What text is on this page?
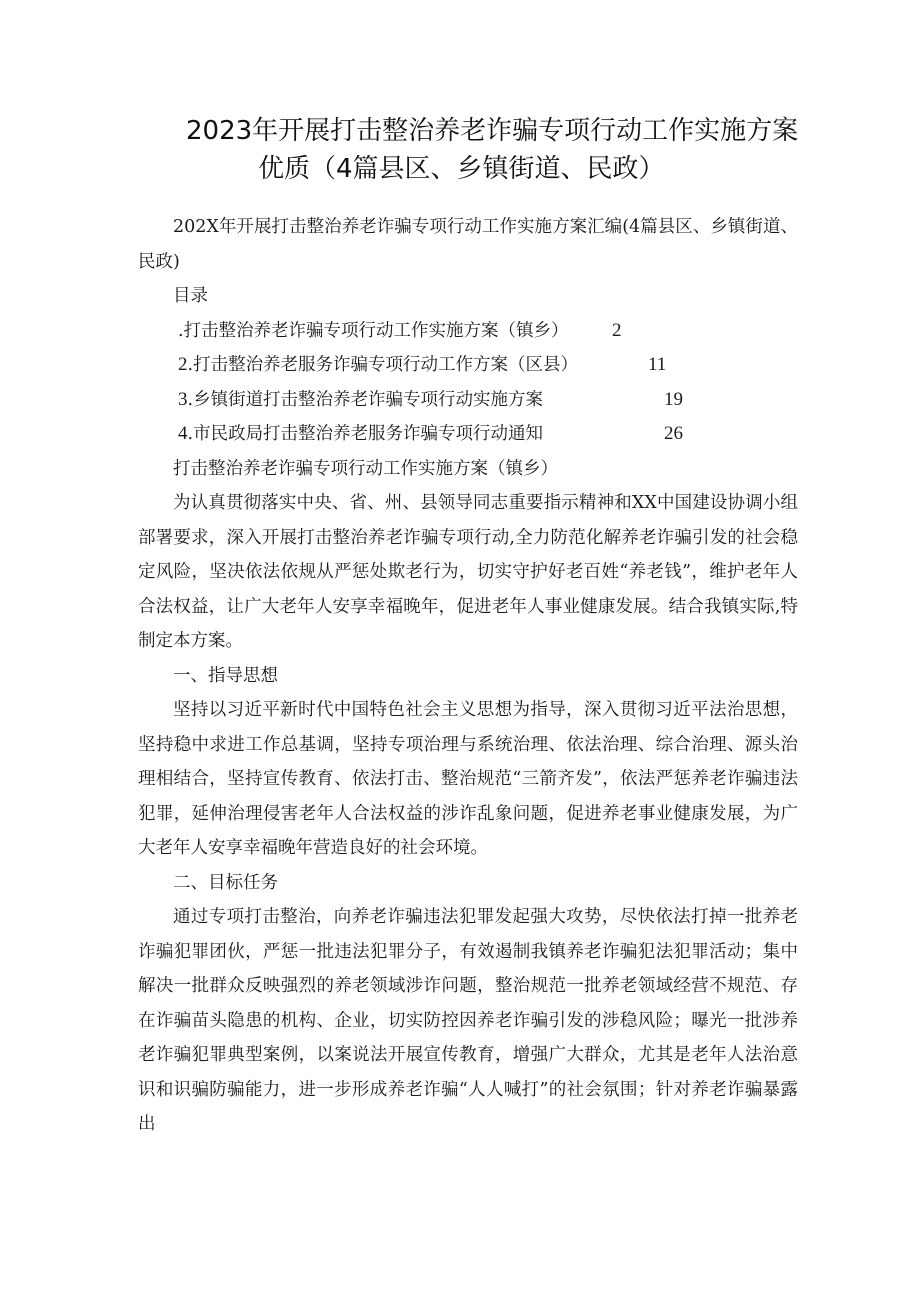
2023年开展打击整治养老诈骗专项行动工作实施方案
优质（4篇县区、乡镇街道、民政）

202X年开展打击整治养老诈骗专项行动工作实施方案汇编(4篇县区、乡镇街道、民政)

目录

.打击整治养老诈骗专项行动工作实施方案（镇乡） 2
2.打击整治养老服务诈骗专项行动工作方案（区县）	11
3.乡镇街道打击整治养老诈骗专项行动实施方案	19
4.市民政局打击整治养老服务诈骗专项行动通知	26

打击整治养老诈骗专项行动工作实施方案（镇乡）

为认真贯彻落实中央、省、州、县领导同志重要指示精神和XX中国建设协调小组部署要求，深入开展打击整治养老诈骗专项行动,全力防范化解养老诈骗引发的社会稳定风险，坚决依法依规从严惩处欺老行为，切实守护好老百姓“养老钱”，维护老年人合法权益，让广大老年人安享幸福晚年，促进老年人事业健康发展。结合我镇实际,特制定本方案。

一、指导思想

坚持以习近平新时代中国特色社会主义思想为指导，深入贯彻习近平法治思想，坚持稳中求进工作总基调，坚持专项治理与系统治理、依法治理、综合治理、源头治理相结合，坚持宣传教育、依法打击、整治规范“三箭齐发”，依法严惩养老诈骗违法犯罪，延伸治理侵害老年人合法权益的涉诈乱象问题，促进养老事业健康发展，为广大老年人安享幸福晚年营造良好的社会环境。

二、目标任务

通过专项打击整治，向养老诈骗违法犯罪发起强大攻势，尽快依法打掉一批养老诈骗犯罪团伙，严惩一批违法犯罪分子，有效遏制我镇养老诈骗犯法犯罪活动；集中解决一批群众反映强烈的养老领域涉诈问题，整治规范一批养老领域经营不规范、存在诈骗苗头隐患的机构、企业，切实防控因养老诈骗引发的涉稳风险；曝光一批涉养老诈骗犯罪典型案例，以案说法开展宣传教育，增强广大群众，尤其是老年人法治意识和识骗防骗能力，进一步形成养老诈骗“人人喊打”的社会氛围；针对养老诈骗暴露出
